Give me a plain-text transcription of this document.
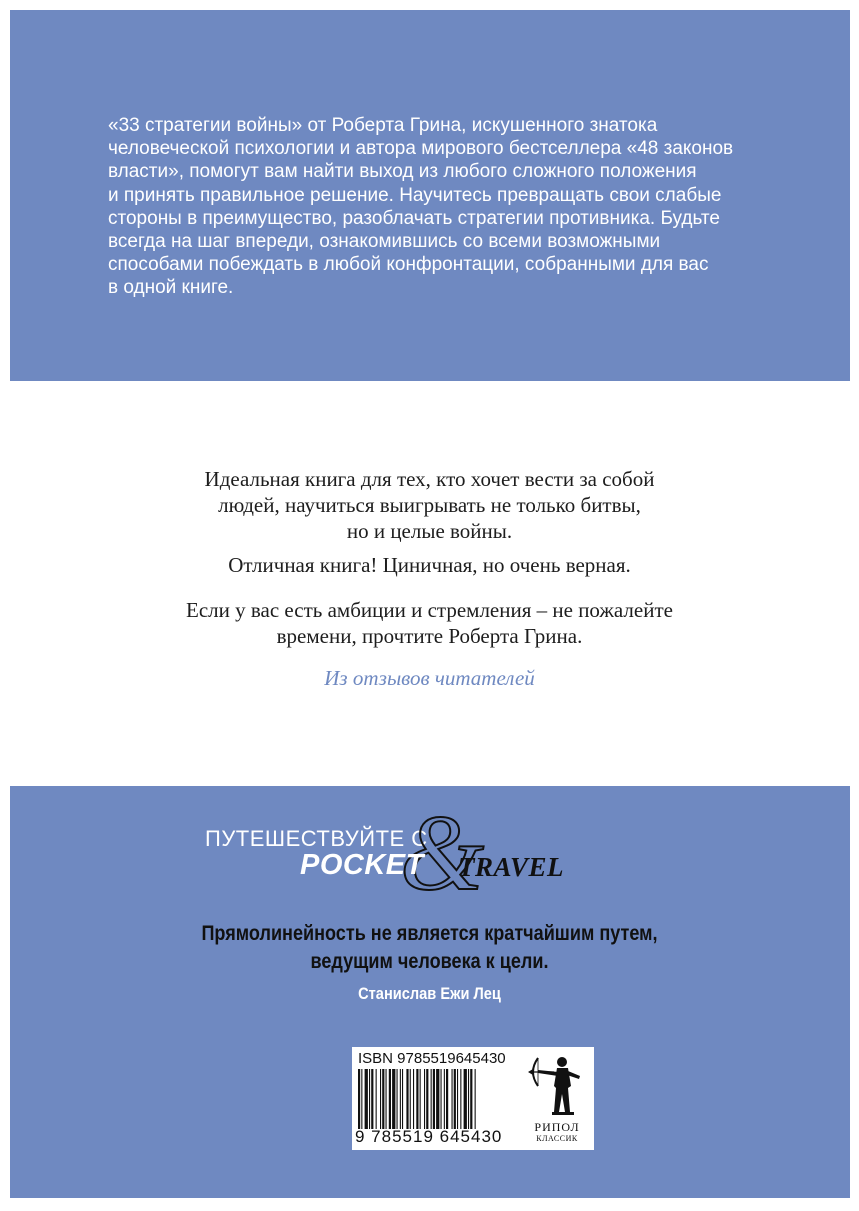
«33 стратегии войны» от Роберта Грина, искушенного знатока
человеческой психологии и автора мирового бестселлера «48 законов
власти», помогут вам найти выход из любого сложного положения
и принять правильное решение. Научитесь превращать свои слабые
стороны в преимущество, разоблачать стратегии противника. Будьте
всегда на шаг впереди, ознакомившись со всеми возможными
способами побеждать в любой конфронтации, собранными для вас
в одной книге.
Идеальная книга для тех, кто хочет вести за собой
людей, научиться выигрывать не только битвы,
но и целые войны.
Отличная книга! Циничная, но очень верная.
Если у вас есть амбиции и стремления – не пожалейте
времени, прочтите Роберта Грина.
Из отзывов читателей
ПУТЕШЕСТВУЙТЕ С
&
POCKET TRAVEL
Прямолинейность не является кратчайшим путем,
ведущим человека к цели.
Станислав Ежи Лец
ISBN 9785519645430
9 785519 645430	РИПОЛ
КЛАССИК
